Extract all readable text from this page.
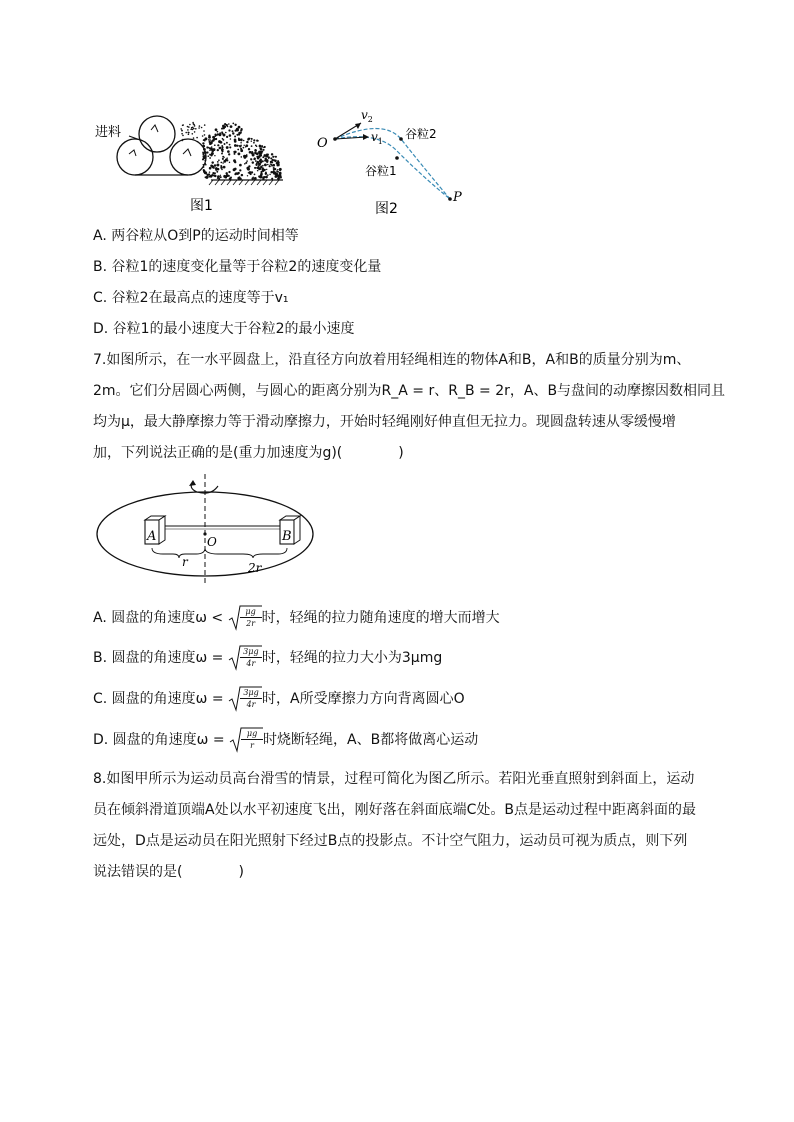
进料
图1
O
$v_2$
$v_1$
谷粒2
谷粒1
P
图2
A. 两谷粒从O到P的运动时间相等
B. 谷粒1的速度变化量等于谷粒2的速度变化量
C. 谷粒2在最高点的速度等于v₁
D. 谷粒1的最小速度大于谷粒2的最小速度
7.如图所示，在一水平圆盘上，沿直径方向放着用轻绳相连的物体A和B，A和B的质量分别为m、
2m。它们分居圆心两侧，与圆心的距离分别为R_A = r、R_B = 2r，A、B与盘间的动摩擦因数相同且
均为μ，最大静摩擦力等于滑动摩擦力，开始时轻绳刚好伸直但无拉力。现圆盘转速从零缓慢增
加，下列说法正确的是(重力加速度为g)(　　　　)
A	B
O
r	2r
A. 圆盘的角速度$\omega < \frac{\mu g}{2r}$ 时，轻绳的拉力随角速度的增大而增大
B. 圆盘的角速度$\omega = \frac{3\mu g}{4r}$ 时，轻绳的拉力大小为3μmg
C. 圆盘的角速度$\omega = \frac{3\mu g}{4r}$ 时，A所受摩擦力方向背离圆心O
D. 圆盘的角速度$\omega = \frac{\mu g}{r}$ 时烧断轻绳，A、B都将做离心运动
8.如图甲所示为运动员高台滑雪的情景，过程可简化为图乙所示。若阳光垂直照射到斜面上，运动
员在倾斜滑道顶端A处以水平初速度飞出，刚好落在斜面底端C处。B点是运动过程中距离斜面的最
远处，D点是运动员在阳光照射下经过B点的投影点。不计空气阻力，运动员可视为质点，则下列
说法错误的是(　　　　)
